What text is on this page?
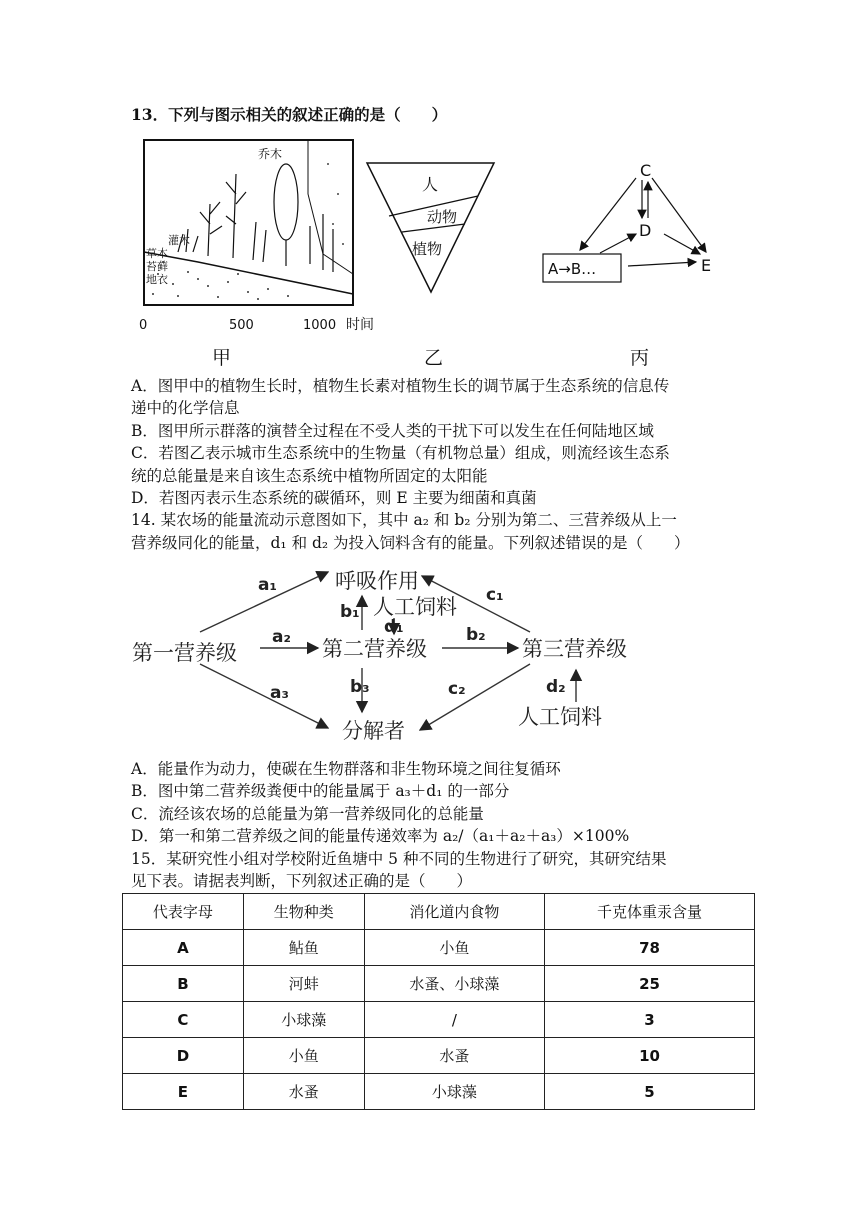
13．下列与图示相关的叙述正确的是（　　）
乔木
灌木
草本
苔藓
地衣
0	500	1000 时间
甲
人
动物
植物
乙
C
D
E
A→B…
丙
A．图甲中的植物生长时，植物生长素对植物生长的调节属于生态系统的信息传
递中的化学信息
B．图甲所示群落的演替全过程在不受人类的干扰下可以发生在任何陆地区域
C．若图乙表示城市生态系统中的生物量（有机物总量）组成，则流经该生态系
统的总能量是来自该生态系统中植物所固定的太阳能
D．若图丙表示生态系统的碳循环，则 E 主要为细菌和真菌
14. 某农场的能量流动示意图如下，其中 a₂ 和 b₂ 分别为第二、三营养级从上一
营养级同化的能量，d₁ 和 d₂ 为投入饲料含有的能量。下列叙述错误的是（　　）
呼吸作用
第一营养级	第二营养级	第三营养级
分解者
人工饲料
人工饲料
a₁
a₂
a₃
b₁
b₂
b₃
c₁
c₂
d₁
d₂
A．能量作为动力，使碳在生物群落和非生物环境之间往复循环
B．图中第二营养级粪便中的能量属于 a₃＋d₁ 的一部分
C．流经该农场的总能量为第一营养级同化的总能量
D．第一和第二营养级之间的能量传递效率为 a₂/（a₁＋a₂＋a₃）×100%
15．某研究性小组对学校附近鱼塘中 5 种不同的生物进行了研究，其研究结果
见下表。请据表判断，下列叙述正确的是（　　）
代表字母	生物种类	消化道内食物	千克体重汞含量
A	鲇鱼	小鱼	78
B	河蚌	水蚤、小球藻	25
C	小球藻	/	3
D	小鱼	水蚤	10
E	水蚤	小球藻	5
